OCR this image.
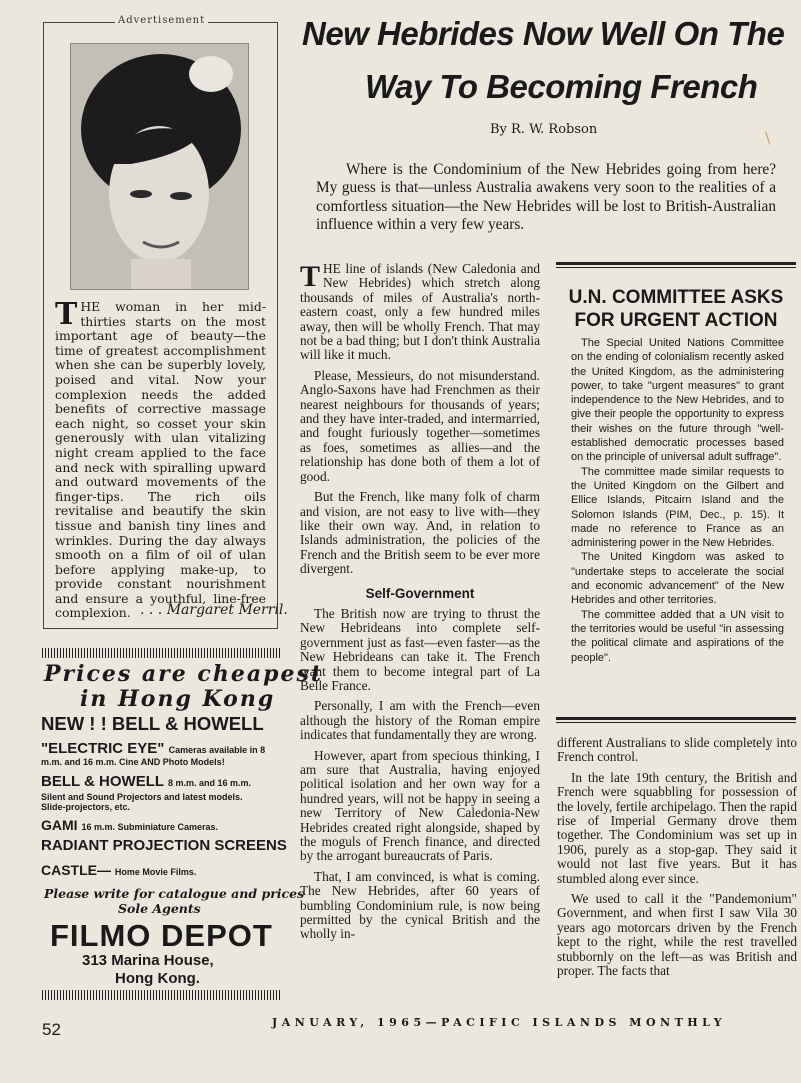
Advertisement
THE woman in her mid-thirties starts on the most important age of beauty—the time of greatest accomplishment when she can be superbly lovely, poised and vital. Now your complexion needs the added benefits of corrective massage each night, so cosset your skin generously with ulan vitalizing night cream applied to the face and neck with spiralling upward and outward movements of the finger-tips. The rich oils revitalise and beautify the skin tissue and banish tiny lines and wrinkles. During the day always smooth on a film of oil of ulan before applying make-up, to provide constant nourishment and ensure a youthful, line-free complexion. . . . Margaret Merril.
Prices are cheapest
in Hong Kong
NEW ! ! BELL & HOWELL
"ELECTRIC EYE" Cameras available in 8
m.m. and 16 m.m. Cine AND Photo Models!
BELL & HOWELL 8 m.m. and 16 m.m.
Silent and Sound Projectors and latest models.
Slide-projectors, etc.
GAMI 16 m.m. Subminiature Cameras.
RADIANT PROJECTION SCREENS
CASTLE— Home Movie Films.
Please write for catalogue and prices
Sole Agents
FILMO DEPOT
313 Marina House,
Hong Kong.
52	JANUARY, 1965—PACIFIC ISLANDS MONTHLY
New Hebrides Now Well On The
Way To Becoming French
By R. W. Robson	\

Where is the Condominium of the New Hebrides going from here? My guess is that—unless Australia awakens very soon to the realities of a comfortless situation—the New Hebrides will be lost to British-Australian influence within a very few years.

THE line of islands (New Caledonia and New Hebrides) which stretch along thousands of miles of Australia's north-eastern coast, only a few hundred miles away, then will be wholly French. That may not be a bad thing; but I don't think Australia will like it much.

Please, Messieurs, do not misunderstand. Anglo-Saxons have had Frenchmen as their nearest neighbours for thousands of years; and they have inter-traded, and intermarried, and fought furiously together—sometimes as foes, sometimes as allies—and the relationship has done both of them a lot of good.

But the French, like many folk of charm and vision, are not easy to live with—they like their own way. And, in relation to Islands administration, the policies of the French and the British seem to be ever more divergent.

Self-Government

The British now are trying to thrust the New Hebrideans into complete self-government just as fast—even faster—as the New Hebrideans can take it. The French want them to become integral part of La Belle France.

Personally, I am with the French—even although the history of the Roman empire indicates that fundamentally they are wrong.

However, apart from specious thinking, I am sure that Australia, having enjoyed political isolation and her own way for a hundred years, will not be happy in seeing a new Territory of New Caledonia-New Hebrides created right alongside, shaped by the moguls of French finance, and directed by the arrogant bureaucrats of Paris.

That, I am convinced, is what is coming. The New Hebrides, after 60 years of bumbling Condominium rule, is now being permitted by the cynical British and the wholly in-

U.N. COMMITTEE ASKS FOR URGENT ACTION

The Special United Nations Committee on the ending of colonialism recently asked the United Kingdom, as the administering power, to take "urgent measures" to grant independence to the New Hebrides, and to give their people the opportunity to express their wishes on the future through "well-established democratic processes based on the principle of universal adult suffrage".

The committee made similar requests to the United Kingdom on the Gilbert and Ellice Islands, Pitcairn Island and the Solomon Islands (PIM, Dec., p. 15). It made no reference to France as an administering power in the New Hebrides.

The United Kingdom was asked to "undertake steps to accelerate the social and economic advancement" of the New Hebrides and other territories.

The committee added that a UN visit to the territories would be useful "in assessing the political climate and aspirations of the people".

different Australians to slide completely into French control.

In the late 19th century, the British and French were squabbling for possession of the lovely, fertile archipelago. Then the rapid rise of Imperial Germany drove them together. The Condominium was set up in 1906, purely as a stop-gap. They said it would not last five years. But it has stumbled along ever since.

We used to call it the "Pandemonium" Government, and when first I saw Vila 30 years ago motorcars driven by the French kept to the right, while the rest travelled stubbornly on the left—as was British and proper. The facts that
